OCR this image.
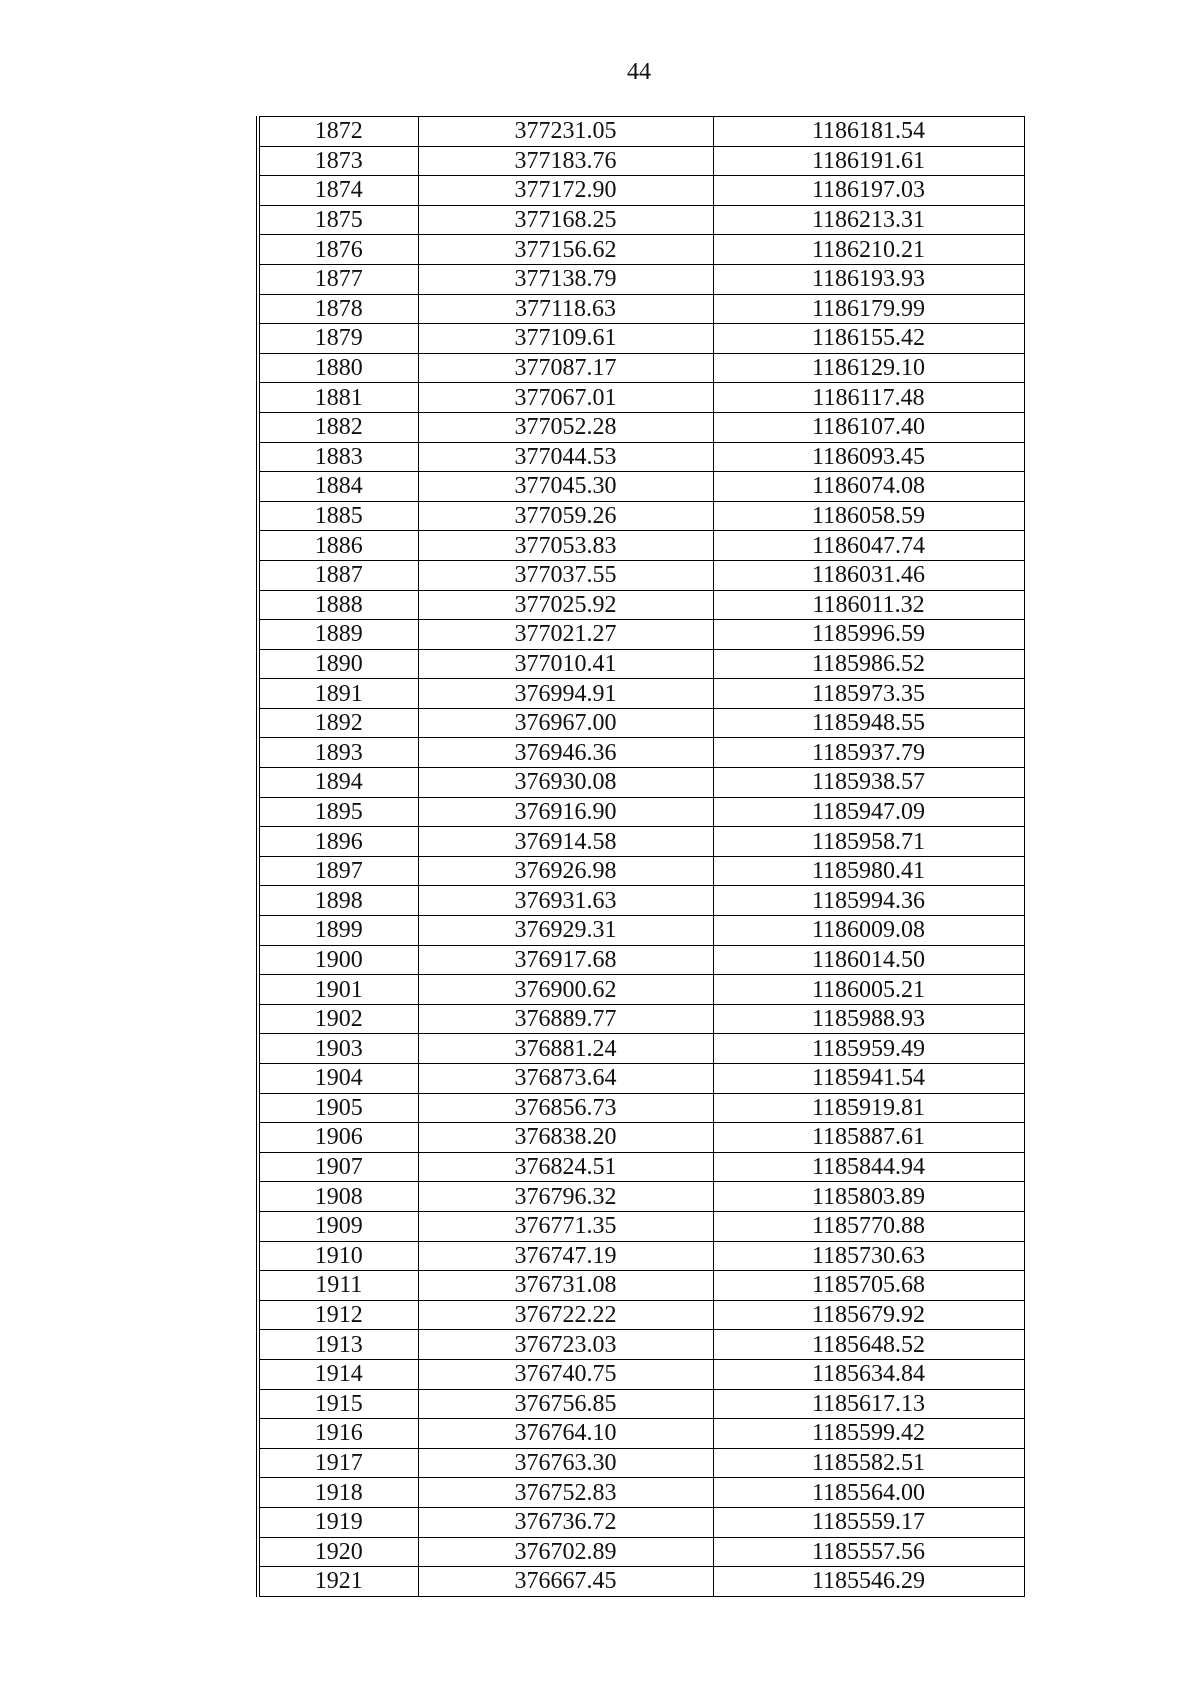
44
1872	377231.05	1186181.54
1873	377183.76	1186191.61
1874	377172.90	1186197.03
1875	377168.25	1186213.31
1876	377156.62	1186210.21
1877	377138.79	1186193.93
1878	377118.63	1186179.99
1879	377109.61	1186155.42
1880	377087.17	1186129.10
1881	377067.01	1186117.48
1882	377052.28	1186107.40
1883	377044.53	1186093.45
1884	377045.30	1186074.08
1885	377059.26	1186058.59
1886	377053.83	1186047.74
1887	377037.55	1186031.46
1888	377025.92	1186011.32
1889	377021.27	1185996.59
1890	377010.41	1185986.52
1891	376994.91	1185973.35
1892	376967.00	1185948.55
1893	376946.36	1185937.79
1894	376930.08	1185938.57
1895	376916.90	1185947.09
1896	376914.58	1185958.71
1897	376926.98	1185980.41
1898	376931.63	1185994.36
1899	376929.31	1186009.08
1900	376917.68	1186014.50
1901	376900.62	1186005.21
1902	376889.77	1185988.93
1903	376881.24	1185959.49
1904	376873.64	1185941.54
1905	376856.73	1185919.81
1906	376838.20	1185887.61
1907	376824.51	1185844.94
1908	376796.32	1185803.89
1909	376771.35	1185770.88
1910	376747.19	1185730.63
1911	376731.08	1185705.68
1912	376722.22	1185679.92
1913	376723.03	1185648.52
1914	376740.75	1185634.84
1915	376756.85	1185617.13
1916	376764.10	1185599.42
1917	376763.30	1185582.51
1918	376752.83	1185564.00
1919	376736.72	1185559.17
1920	376702.89	1185557.56
1921	376667.45	1185546.29
